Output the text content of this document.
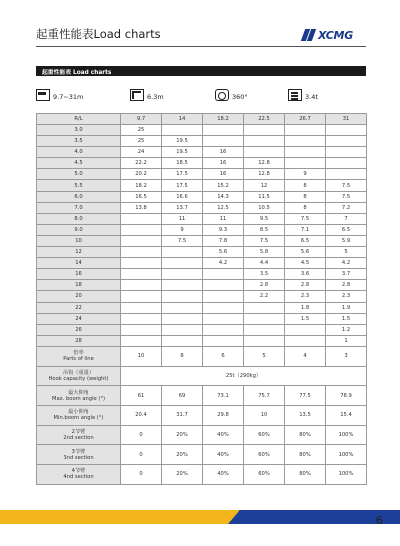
起重性能表Load charts	XCMG
起重性能表 Load charts
9.7~31m	6.3m	360°	3.4t
R/L	9.7	14	18.2	22.5	26.7	31
3.0	25					
3.5	25	19.5				
4.0	24	19.5	16			
4.5	22.2	18.5	16	12.8		
5.0	20.2	17.5	16	12.8	9	
5.5	18.2	17.5	15.2	12	8	7.5
6.0	16.5	16.6	14.3	11.5	8	7.5
7.0	13.8	13.7	12.5	10.5	8	7.2
8.0		11	11	9.5	7.5	7
9.0		9	9.3	8.5	7.1	6.5
10		7.5	7.8	7.5	6.5	5.9
12			5.6	5.8	5.6	5
14			4.2	4.4	4.5	4.2
16				3.5	3.6	3.7
18				2.8	2.8	2.8
20				2.2	2.3	2.3
22					1.8	1.9
24					1.5	1.5
26						1.2
28						1

倍率
Parts of line	10	8	6	5	4	3

吊钩（重量）
Hook capacity (weight)	25t（290kg）					

最大仰角
Max. boom angle (°)	61	69	73.1	75.7	77.5	78.9

最小仰角
Min.boom angle (°)	20.4	31.7	29.8	10	13.5	15.4

2节臂
2nd section	0	20%	40%	60%	80%	100%

3节臂
3nd section	0	20%	40%	60%	80%	100%

4节臂
4nd section	0	20%	40%	60%	80%	100%
6
